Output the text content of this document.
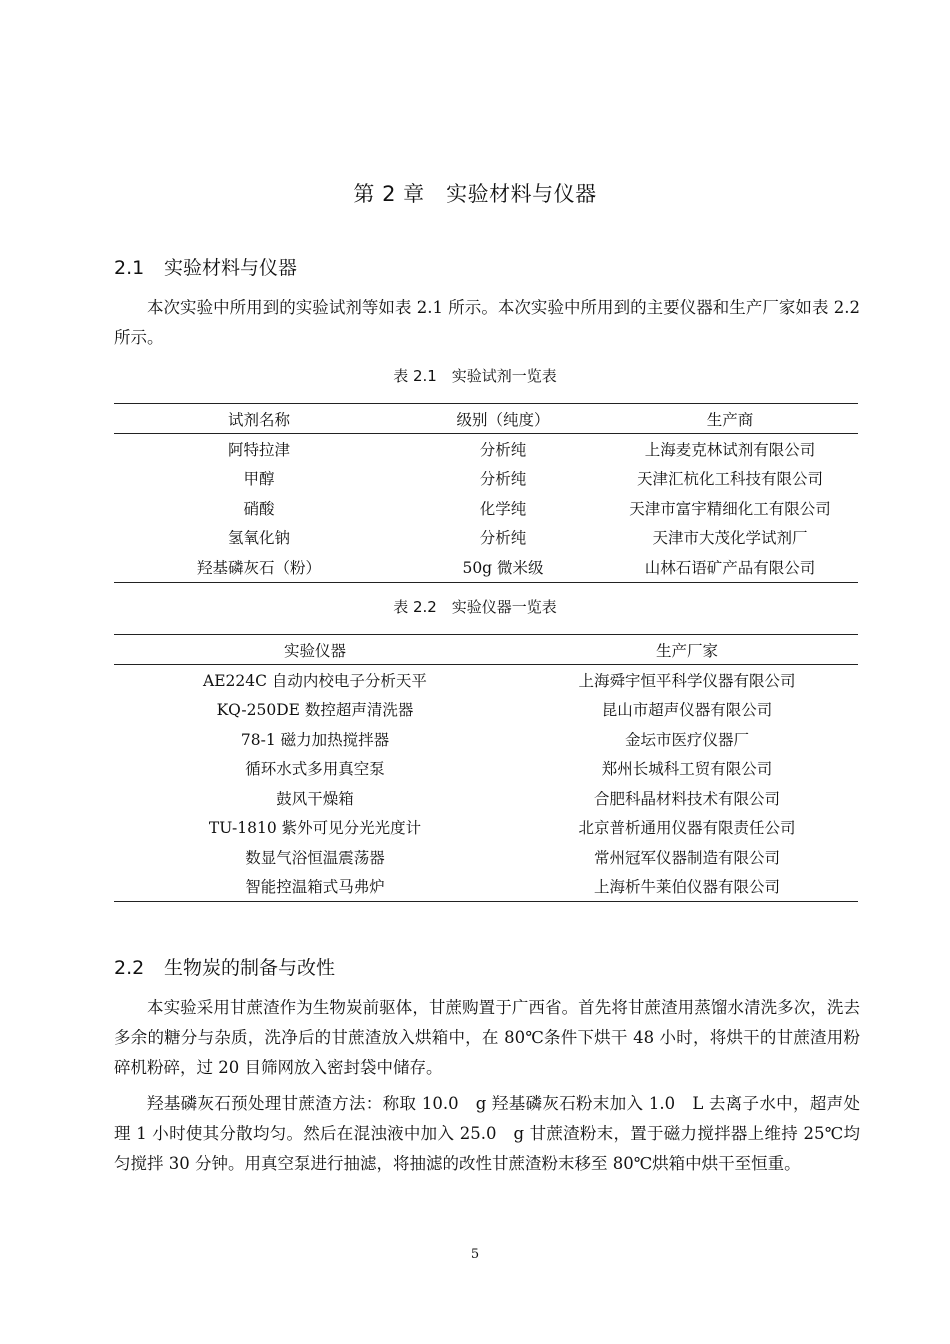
第 2 章　实验材料与仪器
2.1 实验材料与仪器
本次实验中所用到的实验试剂等如表 2.1 所示。本次实验中所用到的主要仪器和生产厂家如表 2.2 所示。
表 2.1　实验试剂一览表
试剂名称	级别（纯度）	生产商
阿特拉津	分析纯	上海麦克林试剂有限公司
甲醇	分析纯	天津汇杭化工科技有限公司
硝酸	化学纯	天津市富宇精细化工有限公司
氢氧化钠	分析纯	天津市大茂化学试剂厂
羟基磷灰石（粉）	50g 微米级	山林石语矿产品有限公司
表 2.2　实验仪器一览表
实验仪器	生产厂家
AE224C 自动内校电子分析天平	上海舜宇恒平科学仪器有限公司
KQ-250DE 数控超声清洗器	昆山市超声仪器有限公司
78-1 磁力加热搅拌器	金坛市医疗仪器厂
循环水式多用真空泵	郑州长城科工贸有限公司
鼓风干燥箱	合肥科晶材料技术有限公司
TU-1810 紫外可见分光光度计	北京普析通用仪器有限责任公司
数显气浴恒温震荡器	常州冠军仪器制造有限公司
智能控温箱式马弗炉	上海析牛莱伯仪器有限公司
2.2 生物炭的制备与改性
本实验采用甘蔗渣作为生物炭前驱体，甘蔗购置于广西省。首先将甘蔗渣用蒸馏水清洗多次，洗去多余的糖分与杂质，洗净后的甘蔗渣放入烘箱中，在 80℃条件下烘干 48 小时，将烘干的甘蔗渣用粉碎机粉碎，过 20 目筛网放入密封袋中储存。
羟基磷灰石预处理甘蔗渣方法：称取 10.0　g 羟基磷灰石粉末加入 1.0　L 去离子水中，超声处理 1 小时使其分散均匀。然后在混浊液中加入 25.0　g 甘蔗渣粉末，置于磁力搅拌器上维持 25℃均匀搅拌 30 分钟。用真空泵进行抽滤，将抽滤的改性甘蔗渣粉末移至 80℃烘箱中烘干至恒重。
5
